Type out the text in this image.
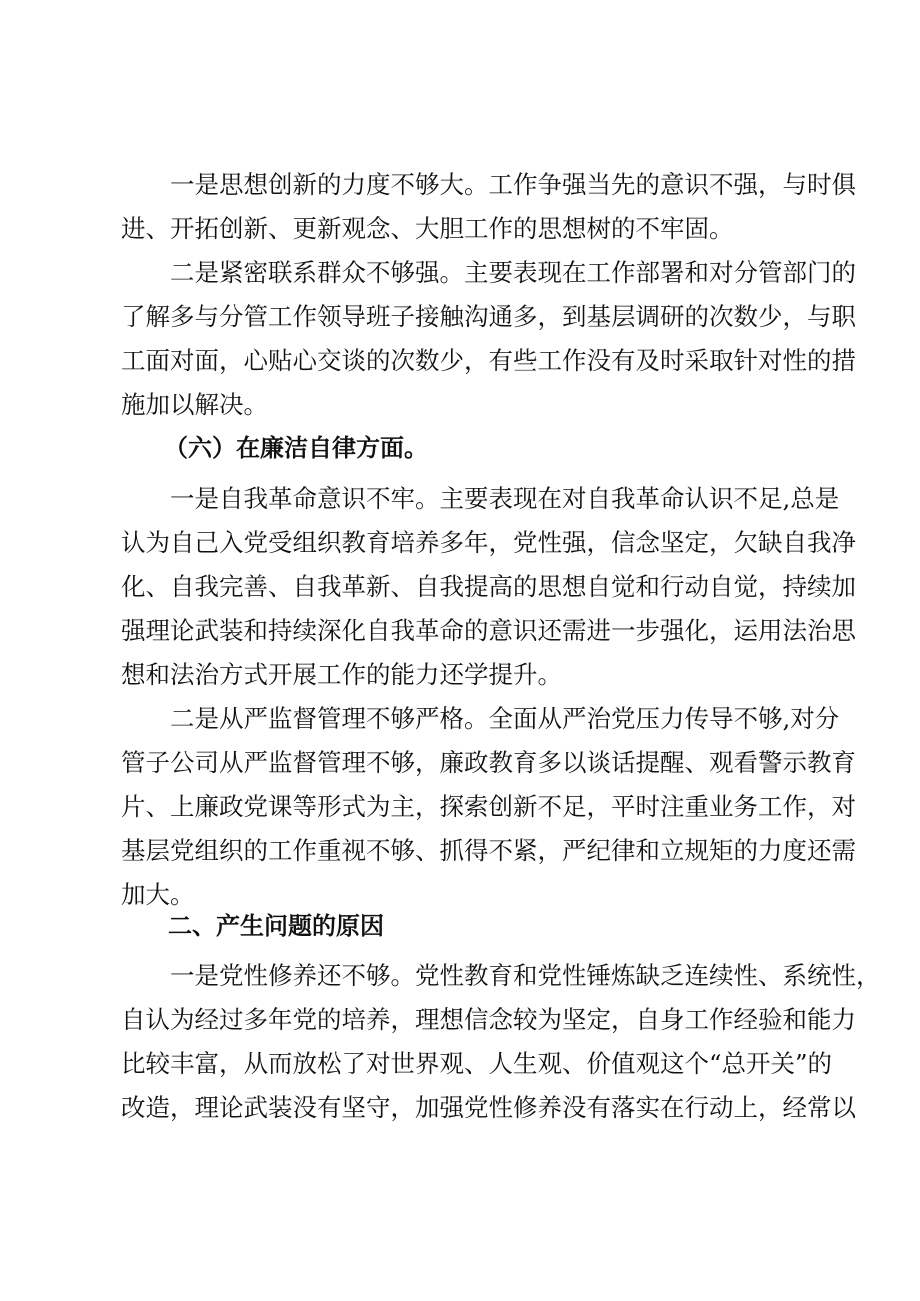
一是思想创新的力度不够大。工作争强当先的意识不强，与时俱
进、开拓创新、更新观念、大胆工作的思想树的不牢固。
二是紧密联系群众不够强。主要表现在工作部署和对分管部门的
了解多与分管工作领导班子接触沟通多，到基层调研的次数少，与职
工面对面，心贴心交谈的次数少，有些工作没有及时采取针对性的措
施加以解决。
（六）在廉洁自律方面。
一是自我革命意识不牢。主要表现在对自我革命认识不足,总是
认为自己入党受组织教育培养多年，党性强，信念坚定，欠缺自我净
化、自我完善、自我革新、自我提高的思想自觉和行动自觉，持续加
强理论武装和持续深化自我革命的意识还需进一步强化，运用法治思
想和法治方式开展工作的能力还学提升。
二是从严监督管理不够严格。全面从严治党压力传导不够,对分
管子公司从严监督管理不够，廉政教育多以谈话提醒、观看警示教育
片、上廉政党课等形式为主，探索创新不足，平时注重业务工作，对
基层党组织的工作重视不够、抓得不紧，严纪律和立规矩的力度还需
加大。
二、产生问题的原因
一是党性修养还不够。党性教育和党性锤炼缺乏连续性、系统性，
自认为经过多年党的培养，理想信念较为坚定，自身工作经验和能力
比较丰富，从而放松了对世界观、人生观、价值观这个“总开关”的
改造，理论武装没有坚守，加强党性修养没有落实在行动上，经常以
